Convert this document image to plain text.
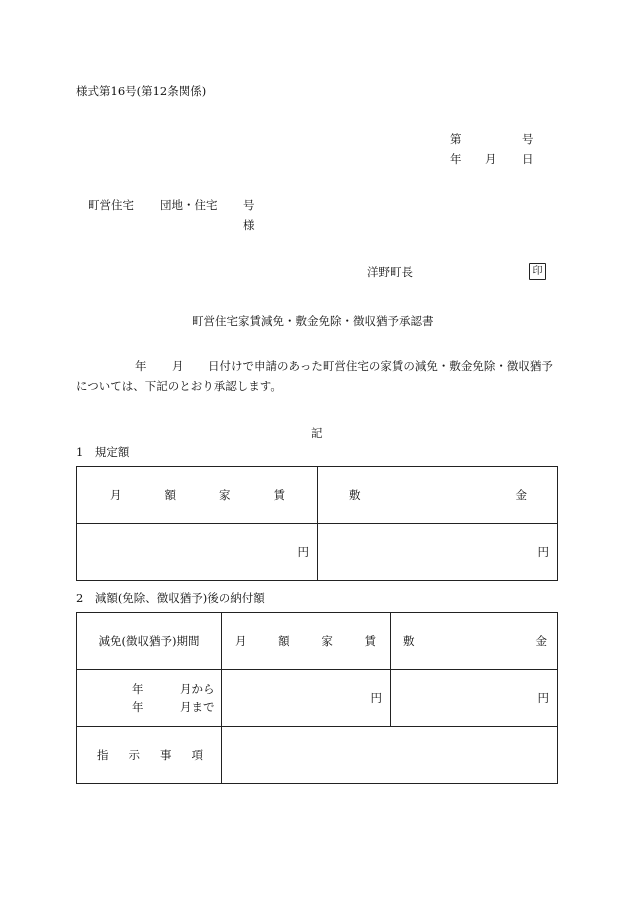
様式第16号(第12条関係)
第	号
年 月 日
町営住宅 団地・住宅 号
様
洋野町長	印
町営住宅家賃減免・敷金免除・徴収猶予承認書
年 月 日付けで申請のあった町営住宅の家賃の減免・敷金免除・徴収猶予
については、下記のとおり承認します。
記
1　規定額
月 額 家 賃	敷 金

円	円
2　減額(免除、徴収猶予)後の納付額
減免(徴収猶予)期間	月 額 家 賃	敷 金

年 月から
年 月まで	円	円

指 示 事 項		
